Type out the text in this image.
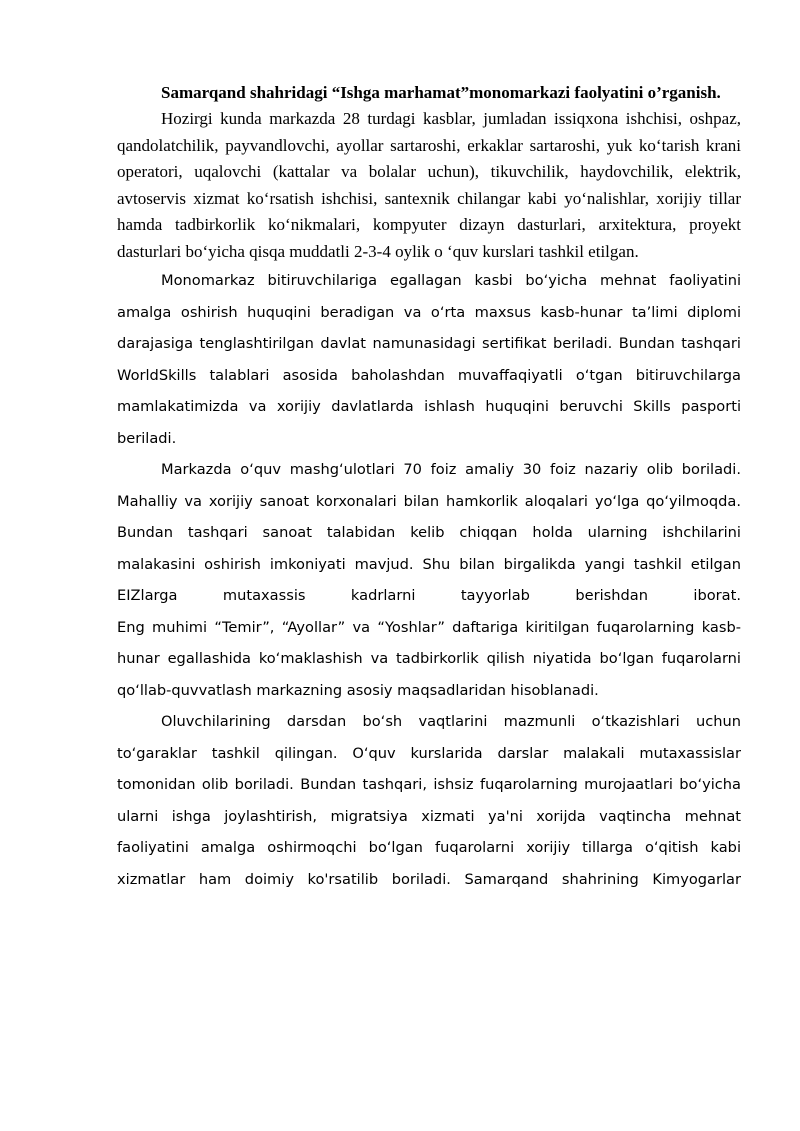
Samarqand shahridagi “Ishga marhamat”monomarkazi faolyatini o’rganish.

Hozirgi kunda markazda 28 turdagi kasblar, jumladan issiqxona ishchisi, oshpaz, qandolatchilik, payvandlovchi, ayollar sartaroshi, erkaklar sartaroshi, yuk ko‘tarish krani operatori, uqalovchi (kattalar va bolalar uchun), tikuvchilik, haydovchilik, elektrik, avtoservis xizmat ko‘rsatish ishchisi, santexnik chilangar kabi yo‘nalishlar, xorijiy tillar hamda tadbirkorlik ko‘nikmalari, kompyuter dizayn dasturlari, arxitektura, proyekt dasturlari bo‘yicha qisqa muddatli 2-3-4 oylik o ‘quv kurslari tashkil etilgan.

Monomarkaz bitiruvchilariga egallagan kasbi bo‘yicha mehnat faoliyatini amalga oshirish huquqini beradigan va o‘rta maxsus kasb-hunar ta’limi diplomi darajasiga tenglashtirilgan davlat namunasidagi sertifikat beriladi. Bundan tashqari WorldSkills talablari asosida baholashdan muvaffaqiyatli o‘tgan bitiruvchilarga mamlakatimizda va xorijiy davlatlarda ishlash huquqini beruvchi Skills pasporti beriladi.

Markazda o‘quv mashg‘ulotlari 70 foiz amaliy 30 foiz nazariy olib boriladi. Mahalliy va xorijiy sanoat korxonalari bilan hamkorlik aloqalari yo‘lga qo‘yilmoqda. Bundan tashqari sanoat talabidan kelib chiqqan holda ularning ishchilarini malakasini oshirish imkoniyati mavjud. Shu bilan birgalikda yangi tashkil etilgan EIZlarga mutaxassis kadrlarni tayyorlab berishdan iborat.

Eng muhimi “Temir”, “Ayollar” va “Yoshlar” daftariga kiritilgan fuqarolarning kasb-hunar egallashida ko‘maklashish va tadbirkorlik qilish niyatida bo‘lgan fuqarolarni qo‘llab-quvvatlash markazning asosiy maqsadlaridan hisoblanadi.

Oluvchilarining darsdan bo‘sh vaqtlarini mazmunli o‘tkazishlari uchun to‘garaklar tashkil qilingan. O‘quv kurslarida darslar malakali mutaxassislar tomonidan olib boriladi. Bundan tashqari, ishsiz fuqarolarning murojaatlari bo‘yicha ularni ishga joylashtirish, migratsiya xizmati ya'ni xorijda vaqtincha mehnat faoliyatini amalga oshirmoqchi bo‘lgan fuqarolarni xorijiy tillarga o‘qitish kabi xizmatlar ham doimiy ko'rsatilib boriladi. Samarqand shahrining Kimyogarlar
